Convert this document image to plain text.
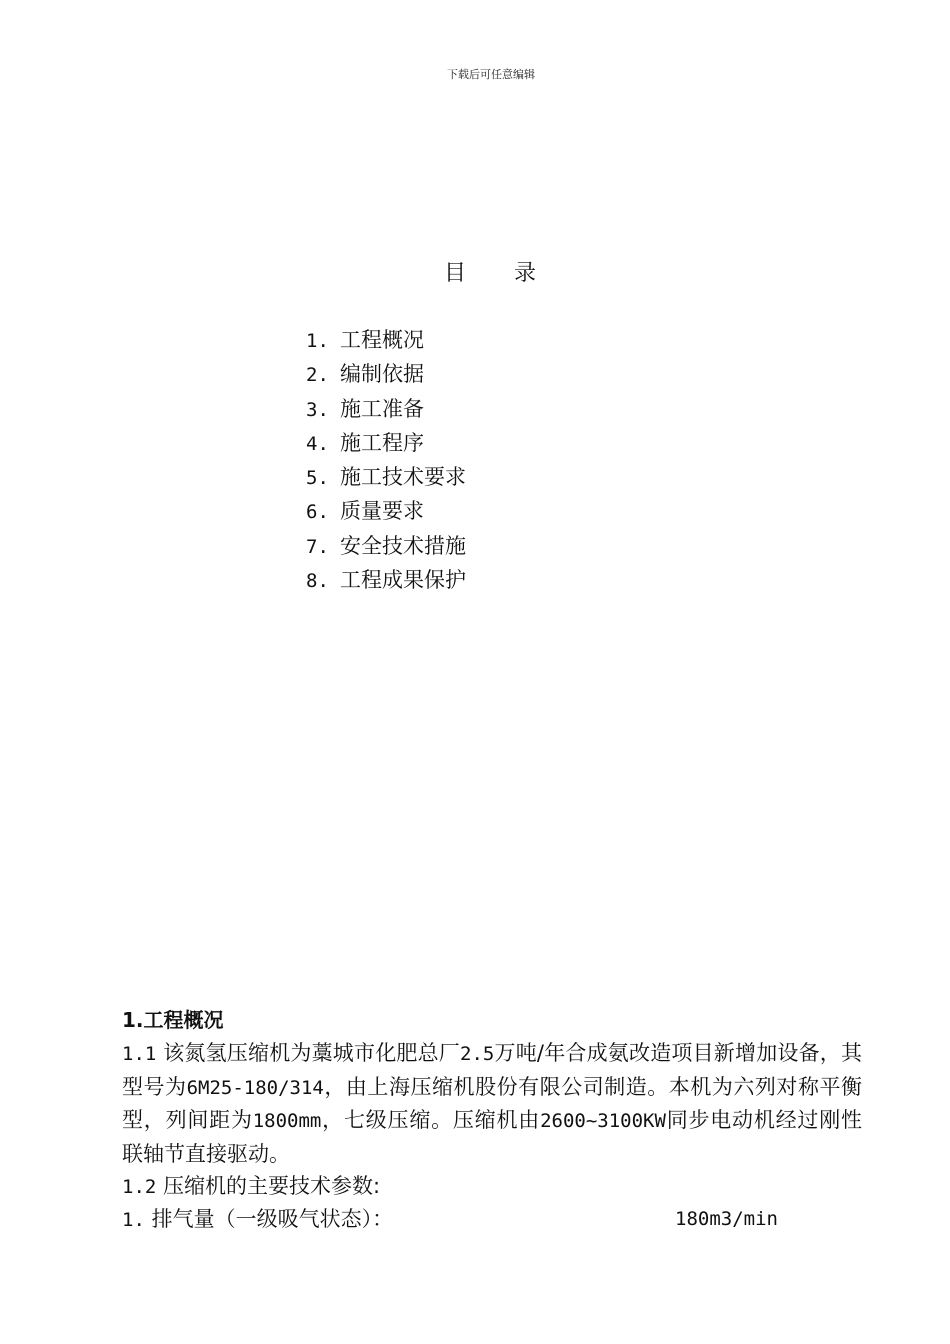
下载后可任意编辑
目 录
1. 工程概况
2. 编制依据
3. 施工准备
4. 施工程序
5. 施工技术要求
6. 质量要求
7. 安全技术措施
8. 工程成果保护
1.工程概况

1.1 该氮氢压缩机为藁城市化肥总厂2.5万吨/年合成氨改造项目新增加设备，其型号为6M25-180/314，由上海压缩机股份有限公司制造。本机为六列对称平衡型，列间距为1800mm，七级压缩。压缩机由2600~3100KW同步电动机经过刚性联轴节直接驱动。

1.2 压缩机的主要技术参数:
1. 排气量（一级吸气状态）：	180m3/min
